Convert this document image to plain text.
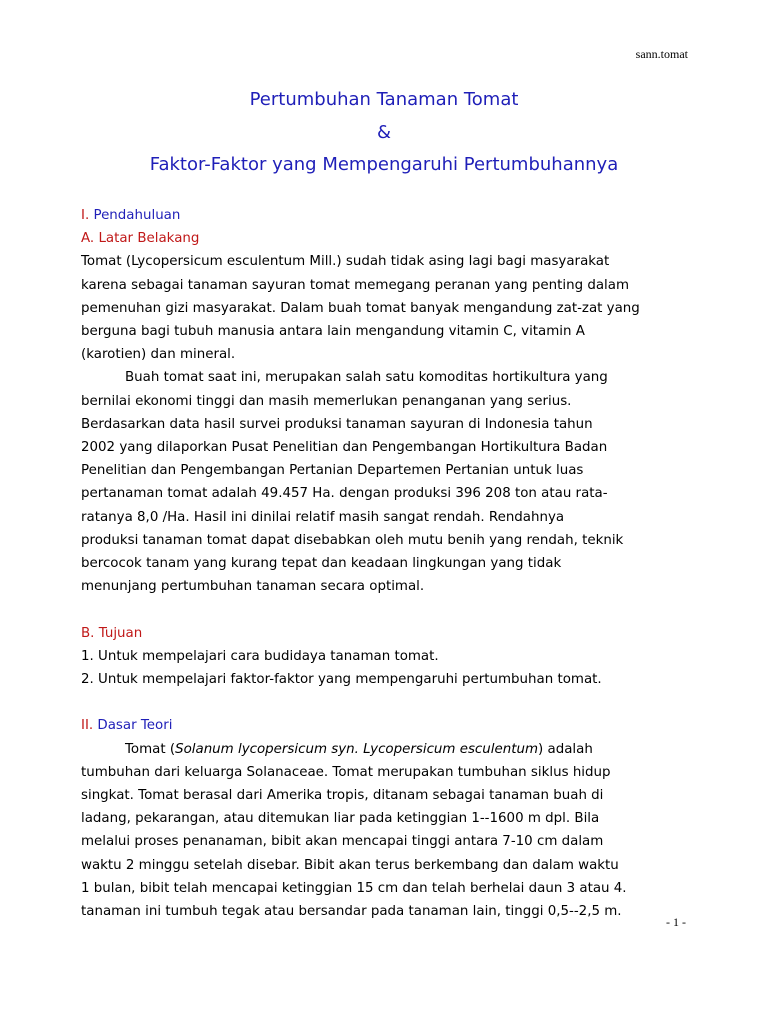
sann.tomat
Pertumbuhan Tanaman Tomat
&
Faktor-Faktor yang Mempengaruhi Pertumbuhannya
I. Pendahuluan
A. Latar Belakang
Tomat (Lycopersicum esculentum Mill.) sudah tidak asing lagi bagi masyarakat
karena sebagai tanaman sayuran tomat memegang peranan yang penting dalam
pemenuhan gizi masyarakat. Dalam buah tomat banyak mengandung zat-zat yang
berguna bagi tubuh manusia antara lain mengandung vitamin C, vitamin A
(karotien) dan mineral.
Buah tomat saat ini, merupakan salah satu komoditas hortikultura yang
bernilai ekonomi tinggi dan masih memerlukan penanganan yang serius.
Berdasarkan data hasil survei produksi tanaman sayuran di Indonesia tahun
2002 yang dilaporkan Pusat Penelitian dan Pengembangan Hortikultura Badan
Penelitian dan Pengembangan Pertanian Departemen Pertanian untuk luas
pertanaman tomat adalah 49.457 Ha. dengan produksi 396 208 ton atau rata-
ratanya 8,0 /Ha. Hasil ini dinilai relatif masih sangat rendah. Rendahnya
produksi tanaman tomat dapat disebabkan oleh mutu benih yang rendah, teknik
bercocok tanam yang kurang tepat dan keadaan lingkungan yang tidak
menunjang pertumbuhan tanaman secara optimal.
B. Tujuan
1. Untuk mempelajari cara budidaya tanaman tomat.
2. Untuk mempelajari faktor-faktor yang mempengaruhi pertumbuhan tomat.
II. Dasar Teori
Tomat (Solanum lycopersicum syn. Lycopersicum esculentum) adalah
tumbuhan dari keluarga Solanaceae. Tomat merupakan tumbuhan siklus hidup
singkat. Tomat berasal dari Amerika tropis, ditanam sebagai tanaman buah di
ladang, pekarangan, atau ditemukan liar pada ketinggian 1--1600 m dpl. Bila
melalui proses penanaman, bibit akan mencapai tinggi antara 7-10 cm dalam
waktu 2 minggu setelah disebar. Bibit akan terus berkembang dan dalam waktu
1 bulan, bibit telah mencapai ketinggian 15 cm dan telah berhelai daun 3 atau 4.
tanaman ini tumbuh tegak atau bersandar pada tanaman lain, tinggi 0,5--2,5 m.
- 1 -
